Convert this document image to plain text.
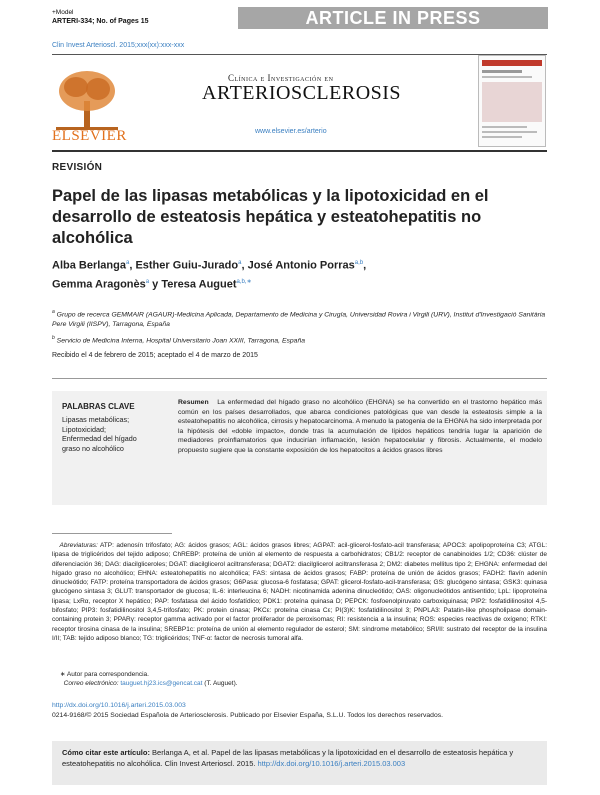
+Model
ARTERI-334; No. of Pages 15	ARTICLE IN PRESS
Clin Invest Arterioscl. 2015;xxx(xx):xxx-xxx
ELSEVIER
Clínica e Investigación en
ARTERIOSCLEROSIS
www.elsevier.es/arterio
REVISIÓN
Papel de las lipasas metabólicas y la lipotoxicidad en el desarrollo de esteatosis hepática y esteatohepatitis no alcohólica
Alba Berlanga$^a$, Esther Guiu-Jurado$^a$, José Antonio Porras$^{a,b}$,
Gemma Aragonès$^a$ y Teresa Auguet$^{a,b,∗}$
$^a$ Grupo de recerca GEMMAIR (AGAUR)-Medicina Aplicada, Departamento de Medicina y Cirugía, Universidad Rovira i Virgili (URV), Institut d'Investigació Sanitària Pere Virgili (IISPV), Tarragona, España
$^b$ Servicio de Medicina Interna, Hospital Universitario Joan XXIII, Tarragona, España
Recibido el 4 de febrero de 2015; aceptado el 4 de marzo de 2015
PALABRAS CLAVE
Lipasas metabólicas;
Lipotoxicidad;
Enfermedad del hígado graso no alcohólico
Resumen La enfermedad del hígado graso no alcohólico (EHGNA) se ha convertido en el trastorno hepático más común en los países desarrollados, que abarca condiciones patológicas que van desde la esteatosis simple a la esteatohepatitis no alcohólica, cirrosis y hepatocarcinoma. A menudo la patogenia de la EHGNA ha sido interpretada por la hipótesis del «doble impacto», donde tras la acumulación de lípidos hepáticos tendría lugar la aparición de mediadores proinflamatorios que inducirían inflamación, lesión hepatocelular y fibrosis. Actualmente, el modelo propuesto sugiere que la constante exposición de los hepatocitos a ácidos grasos libres
Abreviaturas: ATP: adenosín trifosfato; AG: ácidos grasos; AGL: ácidos grasos libres; AGPAT: acil-glicerol-fosfato-acil transferasa; APOC3: apolipoproteína C3; ATGL: lipasa de triglicéridos del tejido adiposo; ChREBP: proteína de unión al elemento de respuesta a carbohidratos; CB1/2: receptor de canabinoides 1/2; CD36: clúster de diferenciación 36; DAG: diacilgliceroles; DGAT: diacilglicerol aciltransferasa; DGAT2: diacilglicerol aciltransferasa 2; DM2: diabetes mellitus tipo 2; EHGNA: enfermedad del hígado graso no alcohólico; EHNA: esteatohepatitis no alcohólica; FAS: sintasa de ácidos grasos; FABP: proteína de unión de ácidos grasos; FADH2: flavín adenín dinucleótido; FATP: proteína transportadora de ácidos grasos; G6Pasa: glucosa-6 fosfatasa; GPAT: glicerol-fosfato-acil-transferasa; GS: glucógeno sintasa; GSK3: quinasa glucógeno sintasa 3; GLUT: transportador de glucosa; IL-6: interleucina 6; NADH: nicotinamida adenina dinucleótido; OAS: oligonucleótidos antisentido; LpL: lipoproteína lipasa; LxRα, receptor X hepático; PAP: fosfatasa del ácido fosfatídico; PDK1: proteína quinasa D; PEPCK: fosfoenolpiruvato carboxiquinasa; PIP2: fosfatidilinositol 4,5-bifosfato; PIP3: fosfatidilinositol 3,4,5-trifosfato; PK: protein cinasa; PKCε: proteína cinasa Cε; PI(3)K: fosfatidilinositol 3; PNPLA3: Patatin-like phospholipase domain-containing protein 3; PPARγ: receptor gamma activado por el factor proliferador de peroxisomas; RI: resistencia a la insulina; ROS: especies reactivas de oxígeno; RTKI: receptor tirosina cinasa de la insulina; SREBP1c: proteína de unión al elemento regulador de esterol; SM: síndrome metabólico; SRI/II: sustrato del receptor de la insulina I/II; TAB: tejido adiposo blanco; TG: triglicéridos; TNF-α: factor de necrosis tumoral alfa.
∗ Autor para correspondencia.
Correo electrónico: tauguet.hj23.ics@gencat.cat (T. Auguet).
http://dx.doi.org/10.1016/j.arteri.2015.03.003
0214-9168/© 2015 Sociedad Española de Arteriosclerosis. Publicado por Elsevier España, S.L.U. Todos los derechos reservados.
Cómo citar este artículo: Berlanga A, et al. Papel de las lipasas metabólicas y la lipotoxicidad en el desarrollo de esteatosis hepática y esteatohepatitis no alcohólica. Clin Invest Arterioscl. 2015. http://dx.doi.org/10.1016/j.arteri.2015.03.003
